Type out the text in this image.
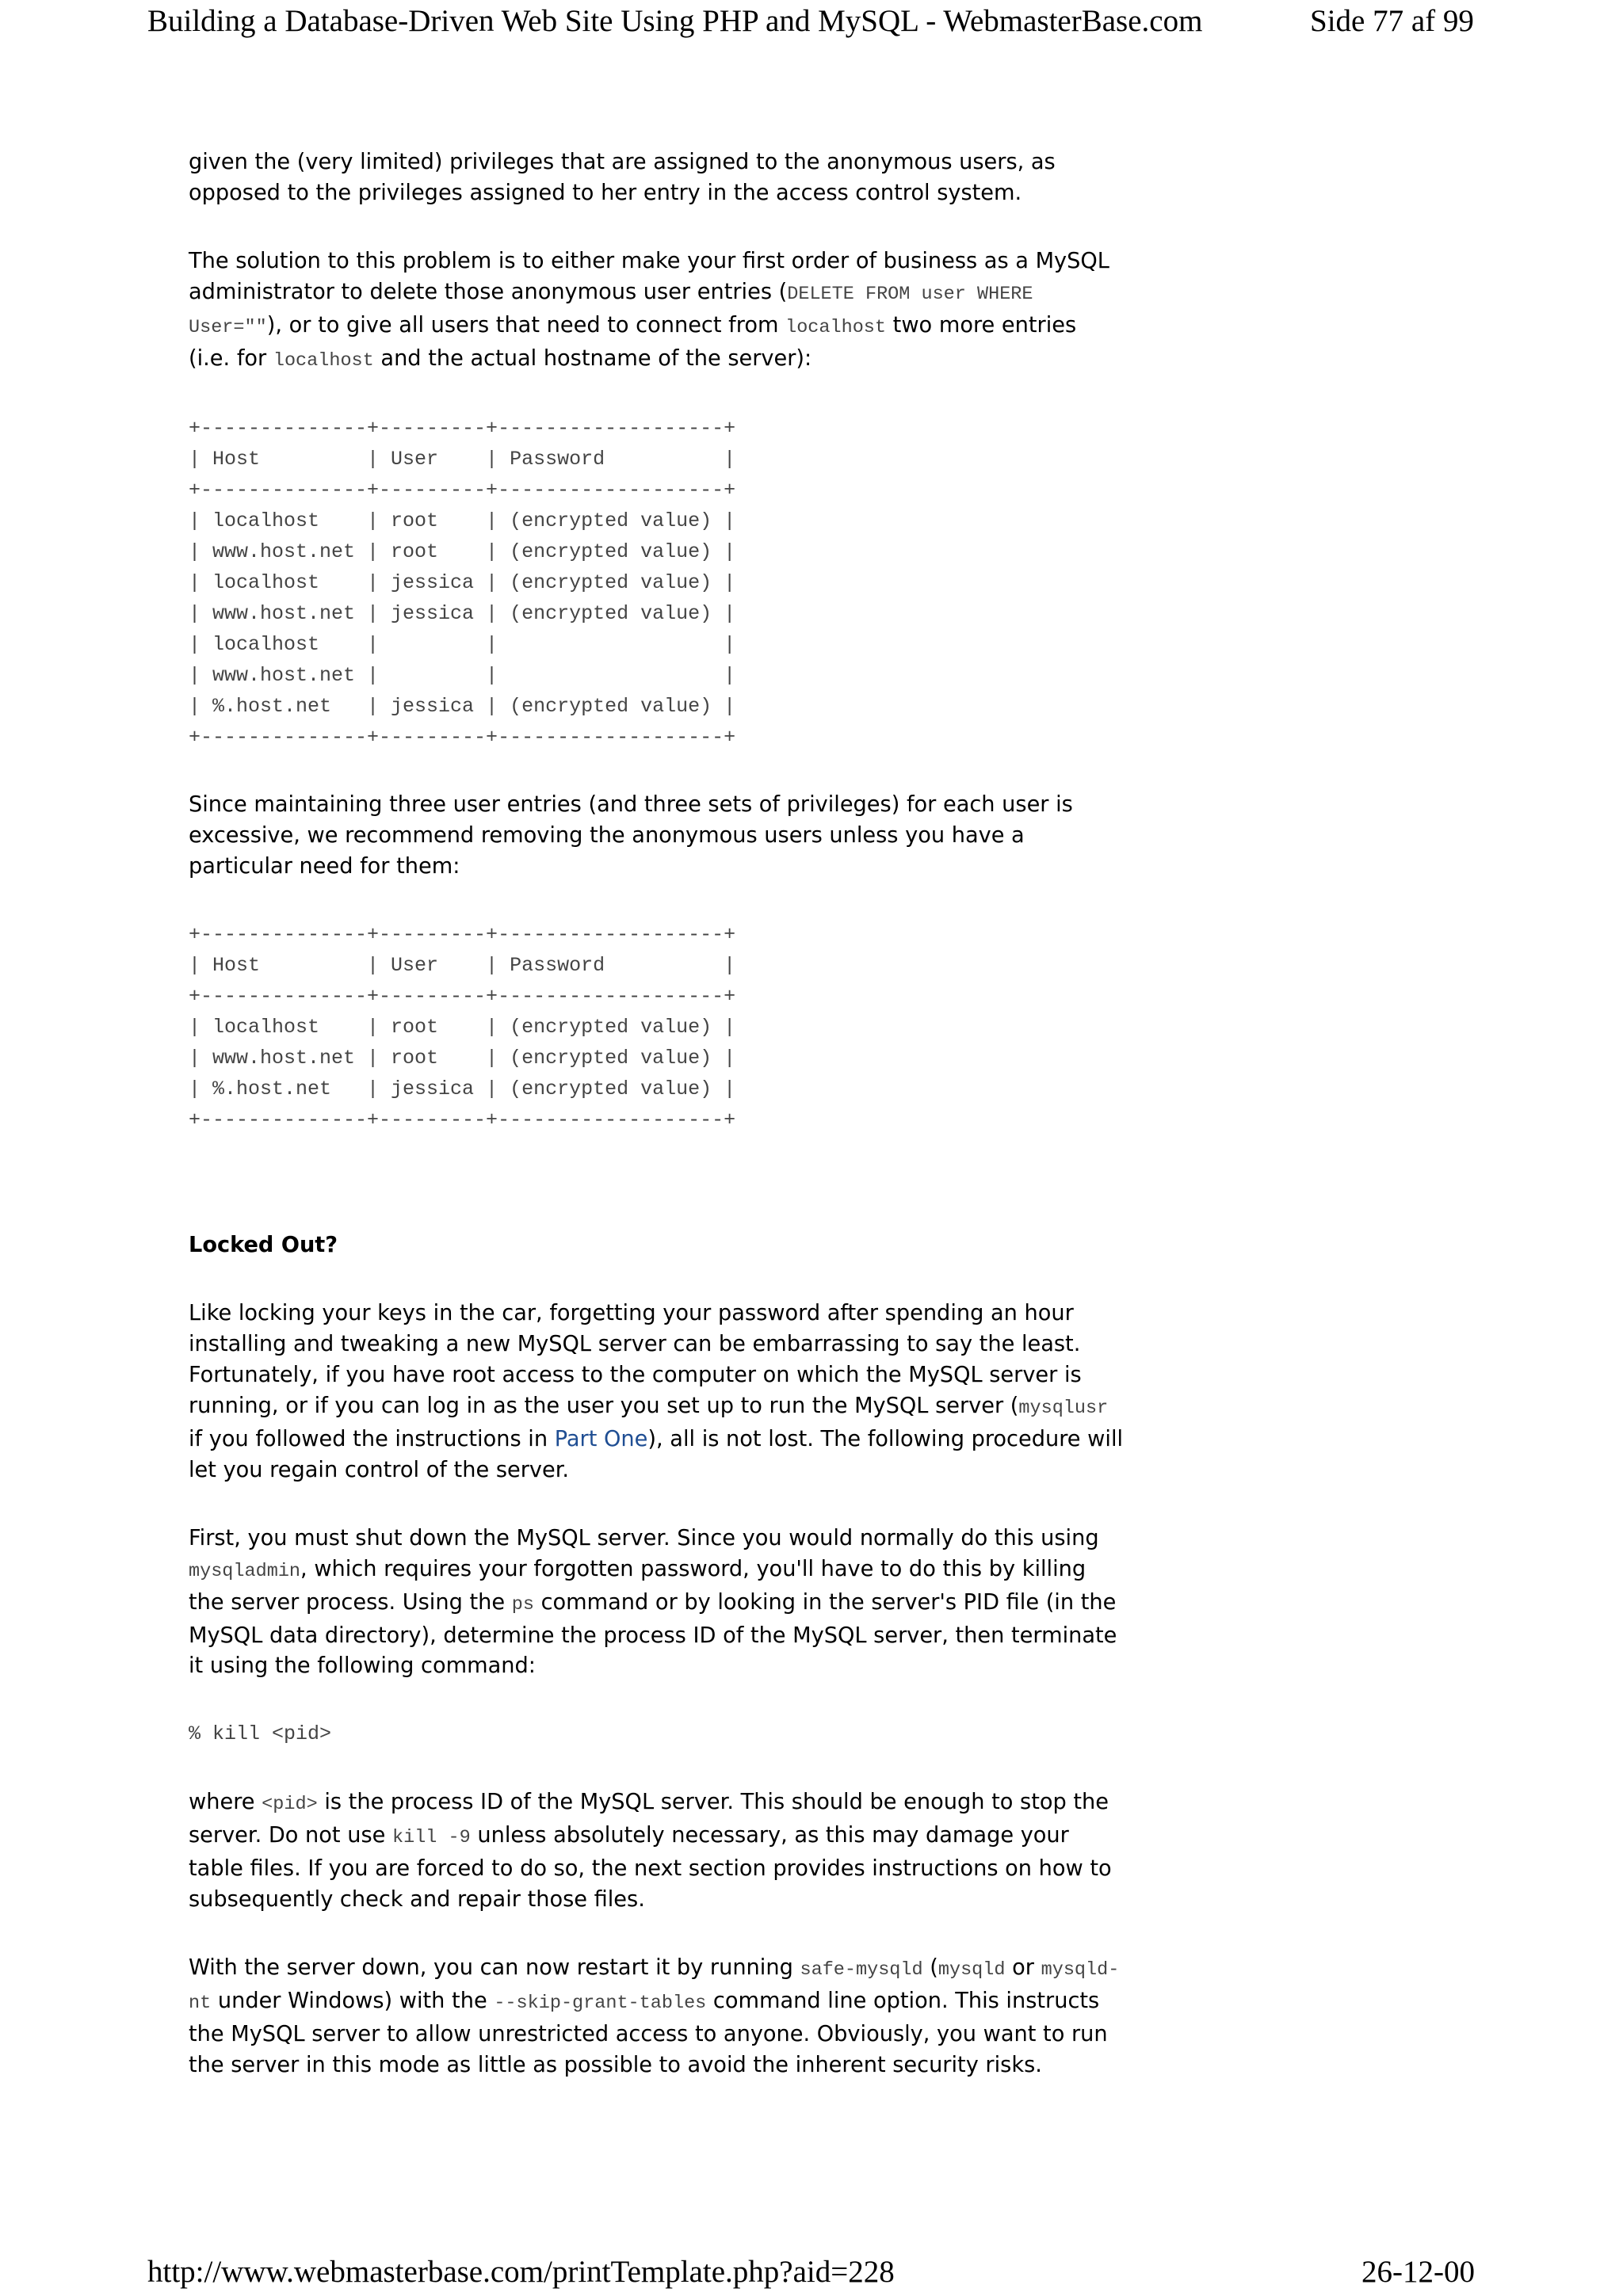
Building a Database-Driven Web Site Using PHP and MySQL - WebmasterBase.com	Side 77 af 99

given the (very limited) privileges that are assigned to the anonymous users, as opposed to the privileges assigned to her entry in the access control system.

The solution to this problem is to either make your first order of business as a MySQL administrator to delete those anonymous user entries (DELETE FROM user WHERE User=""), or to give all users that need to connect from localhost two more entries (i.e. for localhost and the actual hostname of the server):

+--------------+---------+-------------------+
| Host         | User    | Password          |
+--------------+---------+-------------------+
| localhost    | root    | (encrypted value) |
| www.host.net | root    | (encrypted value) |
| localhost    | jessica | (encrypted value) |
| www.host.net | jessica | (encrypted value) |
| localhost    |         |                   |
| www.host.net |         |                   |
| %.host.net   | jessica | (encrypted value) |
+--------------+---------+-------------------+

Since maintaining three user entries (and three sets of privileges) for each user is excessive, we recommend removing the anonymous users unless you have a particular need for them:

+--------------+---------+-------------------+
| Host         | User    | Password          |
+--------------+---------+-------------------+
| localhost    | root    | (encrypted value) |
| www.host.net | root    | (encrypted value) |
| %.host.net   | jessica | (encrypted value) |
+--------------+---------+-------------------+

Locked Out?

Like locking your keys in the car, forgetting your password after spending an hour installing and tweaking a new MySQL server can be embarrassing to say the least. Fortunately, if you have root access to the computer on which the MySQL server is running, or if you can log in as the user you set up to run the MySQL server (mysqlusr if you followed the instructions in Part One), all is not lost. The following procedure will let you regain control of the server.

First, you must shut down the MySQL server. Since you would normally do this using mysqladmin, which requires your forgotten password, you'll have to do this by killing the server process. Using the ps command or by looking in the server's PID file (in the MySQL data directory), determine the process ID of the MySQL server, then terminate it using the following command:

% kill <pid>

where <pid> is the process ID of the MySQL server. This should be enough to stop the server. Do not use kill -9 unless absolutely necessary, as this may damage your table files. If you are forced to do so, the next section provides instructions on how to subsequently check and repair those files.

With the server down, you can now restart it by running safe-mysqld (mysqld or mysqld-nt under Windows) with the --skip-grant-tables command line option. This instructs the MySQL server to allow unrestricted access to anyone. Obviously, you want to run the server in this mode as little as possible to avoid the inherent security risks.

http://www.webmasterbase.com/printTemplate.php?aid=228	26-12-00
